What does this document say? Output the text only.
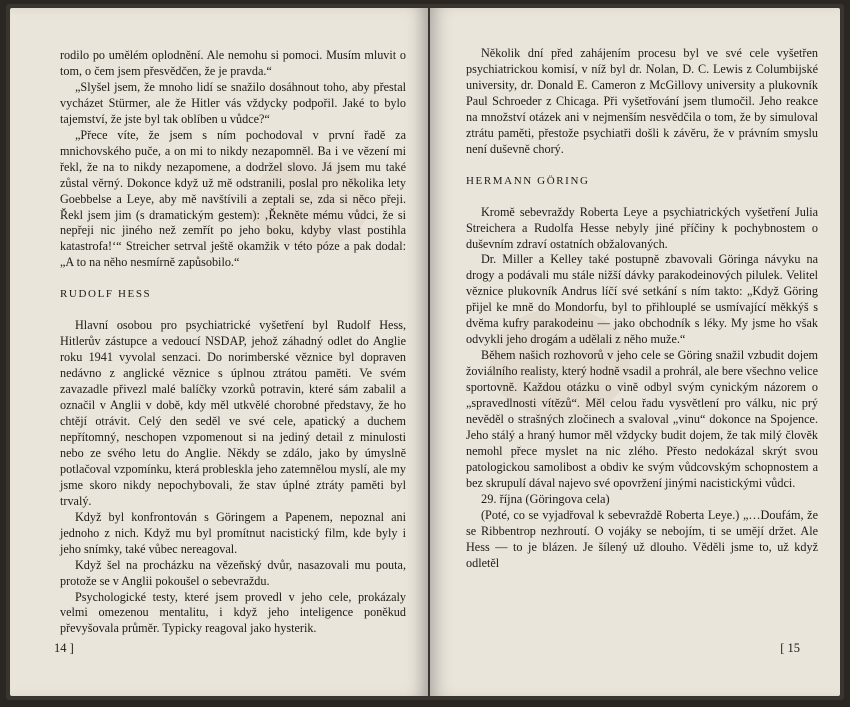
rodilo po umělém oplodnění. Ale nemohu si pomoci. Musím mluvit o tom, o čem jsem přesvědčen, že je pravda.“

„Slyšel jsem, že mnoho lidí se snažilo dosáhnout toho, aby přestal vycházet Stürmer, ale že Hitler vás vždycky podpořil. Jaké to bylo tajemství, že jste byl tak oblíben u vůdce?“

„Přece víte, že jsem s ním pochodoval v první řadě za mnichovského puče, a on mi to nikdy nezapomněl. Ba i ve vězení mi řekl, že na to nikdy nezapomene, a dodržel slovo. Já jsem mu také zůstal věrný. Dokonce když už mě odstranili, poslal pro několika lety Goebbelse a Leye, aby mě navštívili a zeptali se, zda si něco přeji. Řekl jsem jim (s dramatickým gestem): ‚Řekněte mému vůdci, že si nepřeji nic jiného než zemřít po jeho boku, kdyby vlast postihla katastrofa!‘“ Streicher setrval ještě okamžik v této póze a pak dodal: „A to na něho nesmírně zapůsobilo.“

RUDOLF HESS

Hlavní osobou pro psychiatrické vyšetření byl Rudolf Hess, Hitlerův zástupce a vedoucí NSDAP, jehož záhadný odlet do Anglie roku 1941 vyvolal senzaci. Do norimberské věznice byl dopraven nedávno z anglické věznice s úplnou ztrátou paměti. Ve svém zavazadle přivezl malé balíčky vzorků potravin, které sám zabalil a označil v Anglii v době, kdy měl utkvělé chorobné představy, že ho chtějí otrávit. Celý den seděl ve své cele, apatický a duchem nepřítomný, neschopen vzpomenout si na jediný detail z minulosti nebo ze svého letu do Anglie. Někdy se zdálo, jako by úmyslně potlačoval vzpomínku, která probleskla jeho zatemnělou myslí, ale my jsme skoro nikdy nepochybovali, že stav úplné ztráty paměti byl trvalý.

Když byl konfrontován s Göringem a Papenem, nepoznal ani jednoho z nich. Když mu byl promítnut nacistický film, kde byly i jeho snímky, také vůbec nereagoval.

Když šel na procházku na vězeňský dvůr, nasazovali mu pouta, protože se v Anglii pokoušel o sebevraždu.

Psychologické testy, které jsem provedl v jeho cele, prokázaly velmi omezenou mentalitu, i když jeho inteligence poněkud převyšovala průměr. Typicky reagoval jako hysterik.

14 ]

Několik dní před zahájením procesu byl ve své cele vyšetřen psychiatrickou komisí, v níž byl dr. Nolan, D. C. Lewis z Columbijské university, dr. Donald E. Cameron z McGillovy university a plukovník Paul Schroeder z Chicaga. Při vyšetřování jsem tlumočil. Jeho reakce na množství otázek ani v nejmenším nesvědčila o tom, že by simuloval ztrátu paměti, přestože psychiatři došli k závěru, že v právním smyslu není duševně chorý.

HERMANN GÖRING

Kromě sebevraždy Roberta Leye a psychiatrických vyšetření Julia Streichera a Rudolfa Hesse nebyly jiné příčiny k pochybnostem o duševním zdraví ostatních obžalovaných.

Dr. Miller a Kelley také postupně zbavovali Göringa návyku na drogy a podávali mu stále nižší dávky parakodeinových pilulek. Velitel věznice plukovník Andrus líčí své setkání s ním takto: „Když Göring přijel ke mně do Mondorfu, byl to přihlouplé se usmívající měkkýš s dvěma kufry parakodeinu — jako obchodník s léky. My jsme ho však odvykli jeho drogám a udělali z něho muže.“

Během našich rozhovorů v jeho cele se Göring snažil vzbudit dojem žoviálního realisty, který hodně vsadil a prohrál, ale bere všechno velice sportovně. Každou otázku o vině odbyl svým cynickým názorem o „spravedlnosti vítězů“. Měl celou řadu vysvětlení pro válku, nic prý nevěděl o strašných zločinech a svaloval „vinu“ dokonce na Spojence. Jeho stálý a hraný humor měl vždycky budit dojem, že tak milý člověk nemohl přece myslet na nic zlého. Přesto nedokázal skrýt svou patologickou samolibost a obdiv ke svým vůdcovským schopnostem a bez skrupulí dával najevo své opovržení jinými nacistickými vůdci.

29. října (Göringova cela)

(Poté, co se vyjadřoval k sebevraždě Roberta Leye.) „…Doufám, že se Ribbentrop nezhroutí. O vojáky se nebojím, ti se umějí držet. Ale Hess — to je blázen. Je šílený už dlouho. Věděli jsme to, už když odletěl

[ 15
